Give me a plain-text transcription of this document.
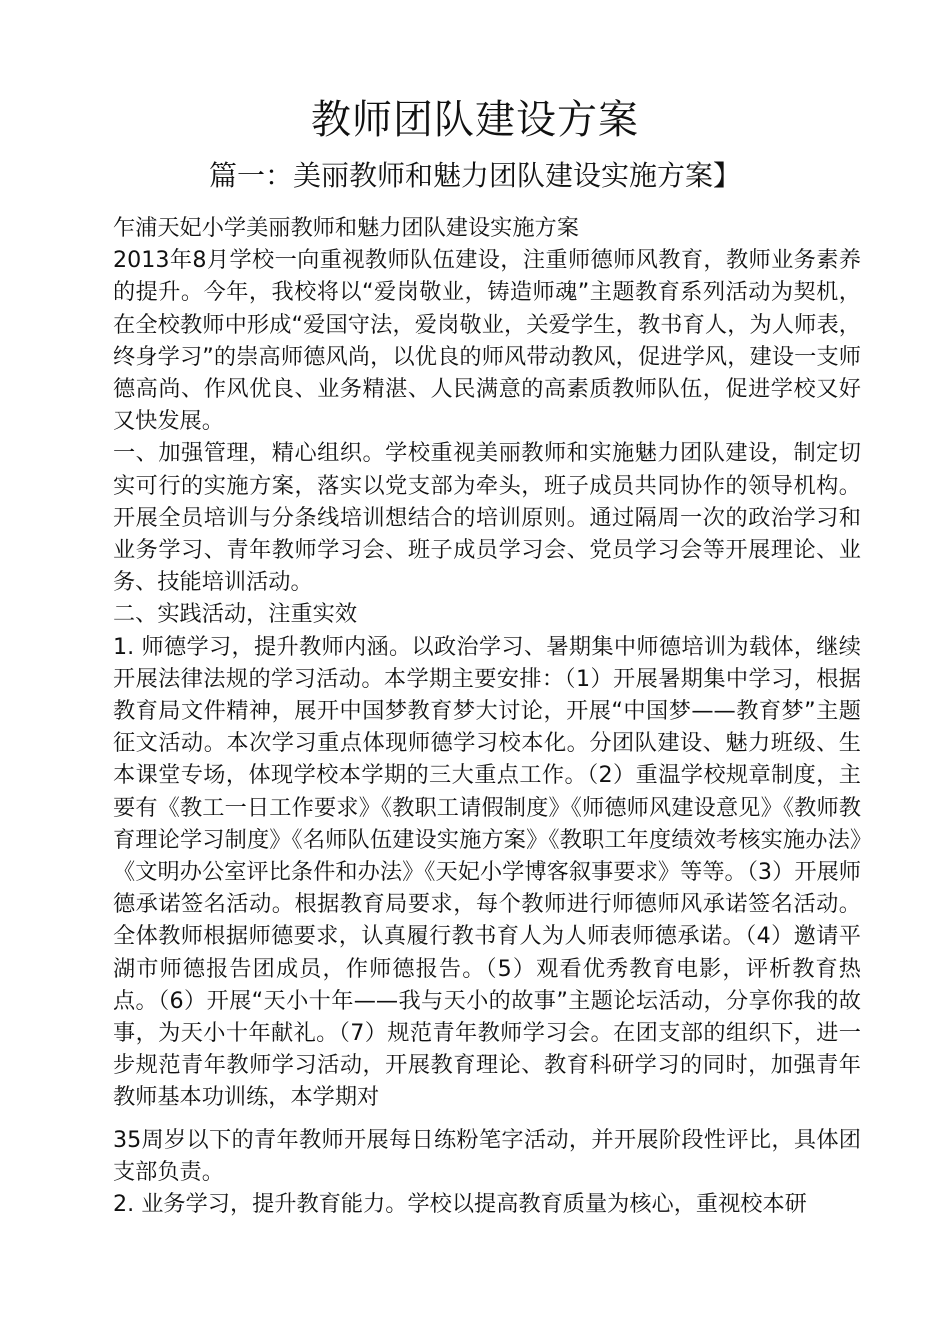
教师团队建设方案
篇一：美丽教师和魅力团队建设实施方案】

乍浦天妃小学美丽教师和魅力团队建设实施方案

2013年8月学校一向重视教师队伍建设，注重师德师风教育，教师业务素养的提升。今年，我校将以“爱岗敬业，铸造师魂”主题教育系列活动为契机，在全校教师中形成“爱国守法，爱岗敬业，关爱学生，教书育人，为人师表，终身学习”的崇高师德风尚，以优良的师风带动教风，促进学风，建设一支师德高尚、作风优良、业务精湛、人民满意的高素质教师队伍，促进学校又好又快发展。

一、加强管理，精心组织。学校重视美丽教师和实施魅力团队建设，制定切实可行的实施方案，落实以党支部为牵头，班子成员共同协作的领导机构。开展全员培训与分条线培训想结合的培训原则。通过隔周一次的政治学习和业务学习、青年教师学习会、班子成员学习会、党员学习会等开展理论、业务、技能培训活动。

二、实践活动，注重实效

1. 师德学习，提升教师内涵。以政治学习、暑期集中师德培训为载体，继续开展法律法规的学习活动。本学期主要安排：（1）开展暑期集中学习，根据教育局文件精神，展开中国梦教育梦大讨论，开展“中国梦——教育梦”主题征文活动。本次学习重点体现师德学习校本化。分团队建设、魅力班级、生本课堂专场，体现学校本学期的三大重点工作。（2）重温学校规章制度，主要有《教工一日工作要求》《教职工请假制度》《师德师风建设意见》《教师教育理论学习制度》《名师队伍建设实施方案》《教职工年度绩效考核实施办法》《文明办公室评比条件和办法》《天妃小学博客叙事要求》等等。（3）开展师德承诺签名活动。根据教育局要求，每个教师进行师德师风承诺签名活动。全体教师根据师德要求，认真履行教书育人为人师表师德承诺。（4）邀请平湖市师德报告团成员，作师德报告。（5）观看优秀教育电影，评析教育热点。（6）开展“天小十年——我与天小的故事”主题论坛活动，分享你我的故事，为天小十年献礼。（7）规范青年教师学习会。在团支部的组织下，进一步规范青年教师学习活动，开展教育理论、教育科研学习的同时，加强青年教师基本功训练，本学期对

35周岁以下的青年教师开展每日练粉笔字活动，并开展阶段性评比，具体团支部负责。

2. 业务学习，提升教育能力。学校以提高教育质量为核心，重视校本研
